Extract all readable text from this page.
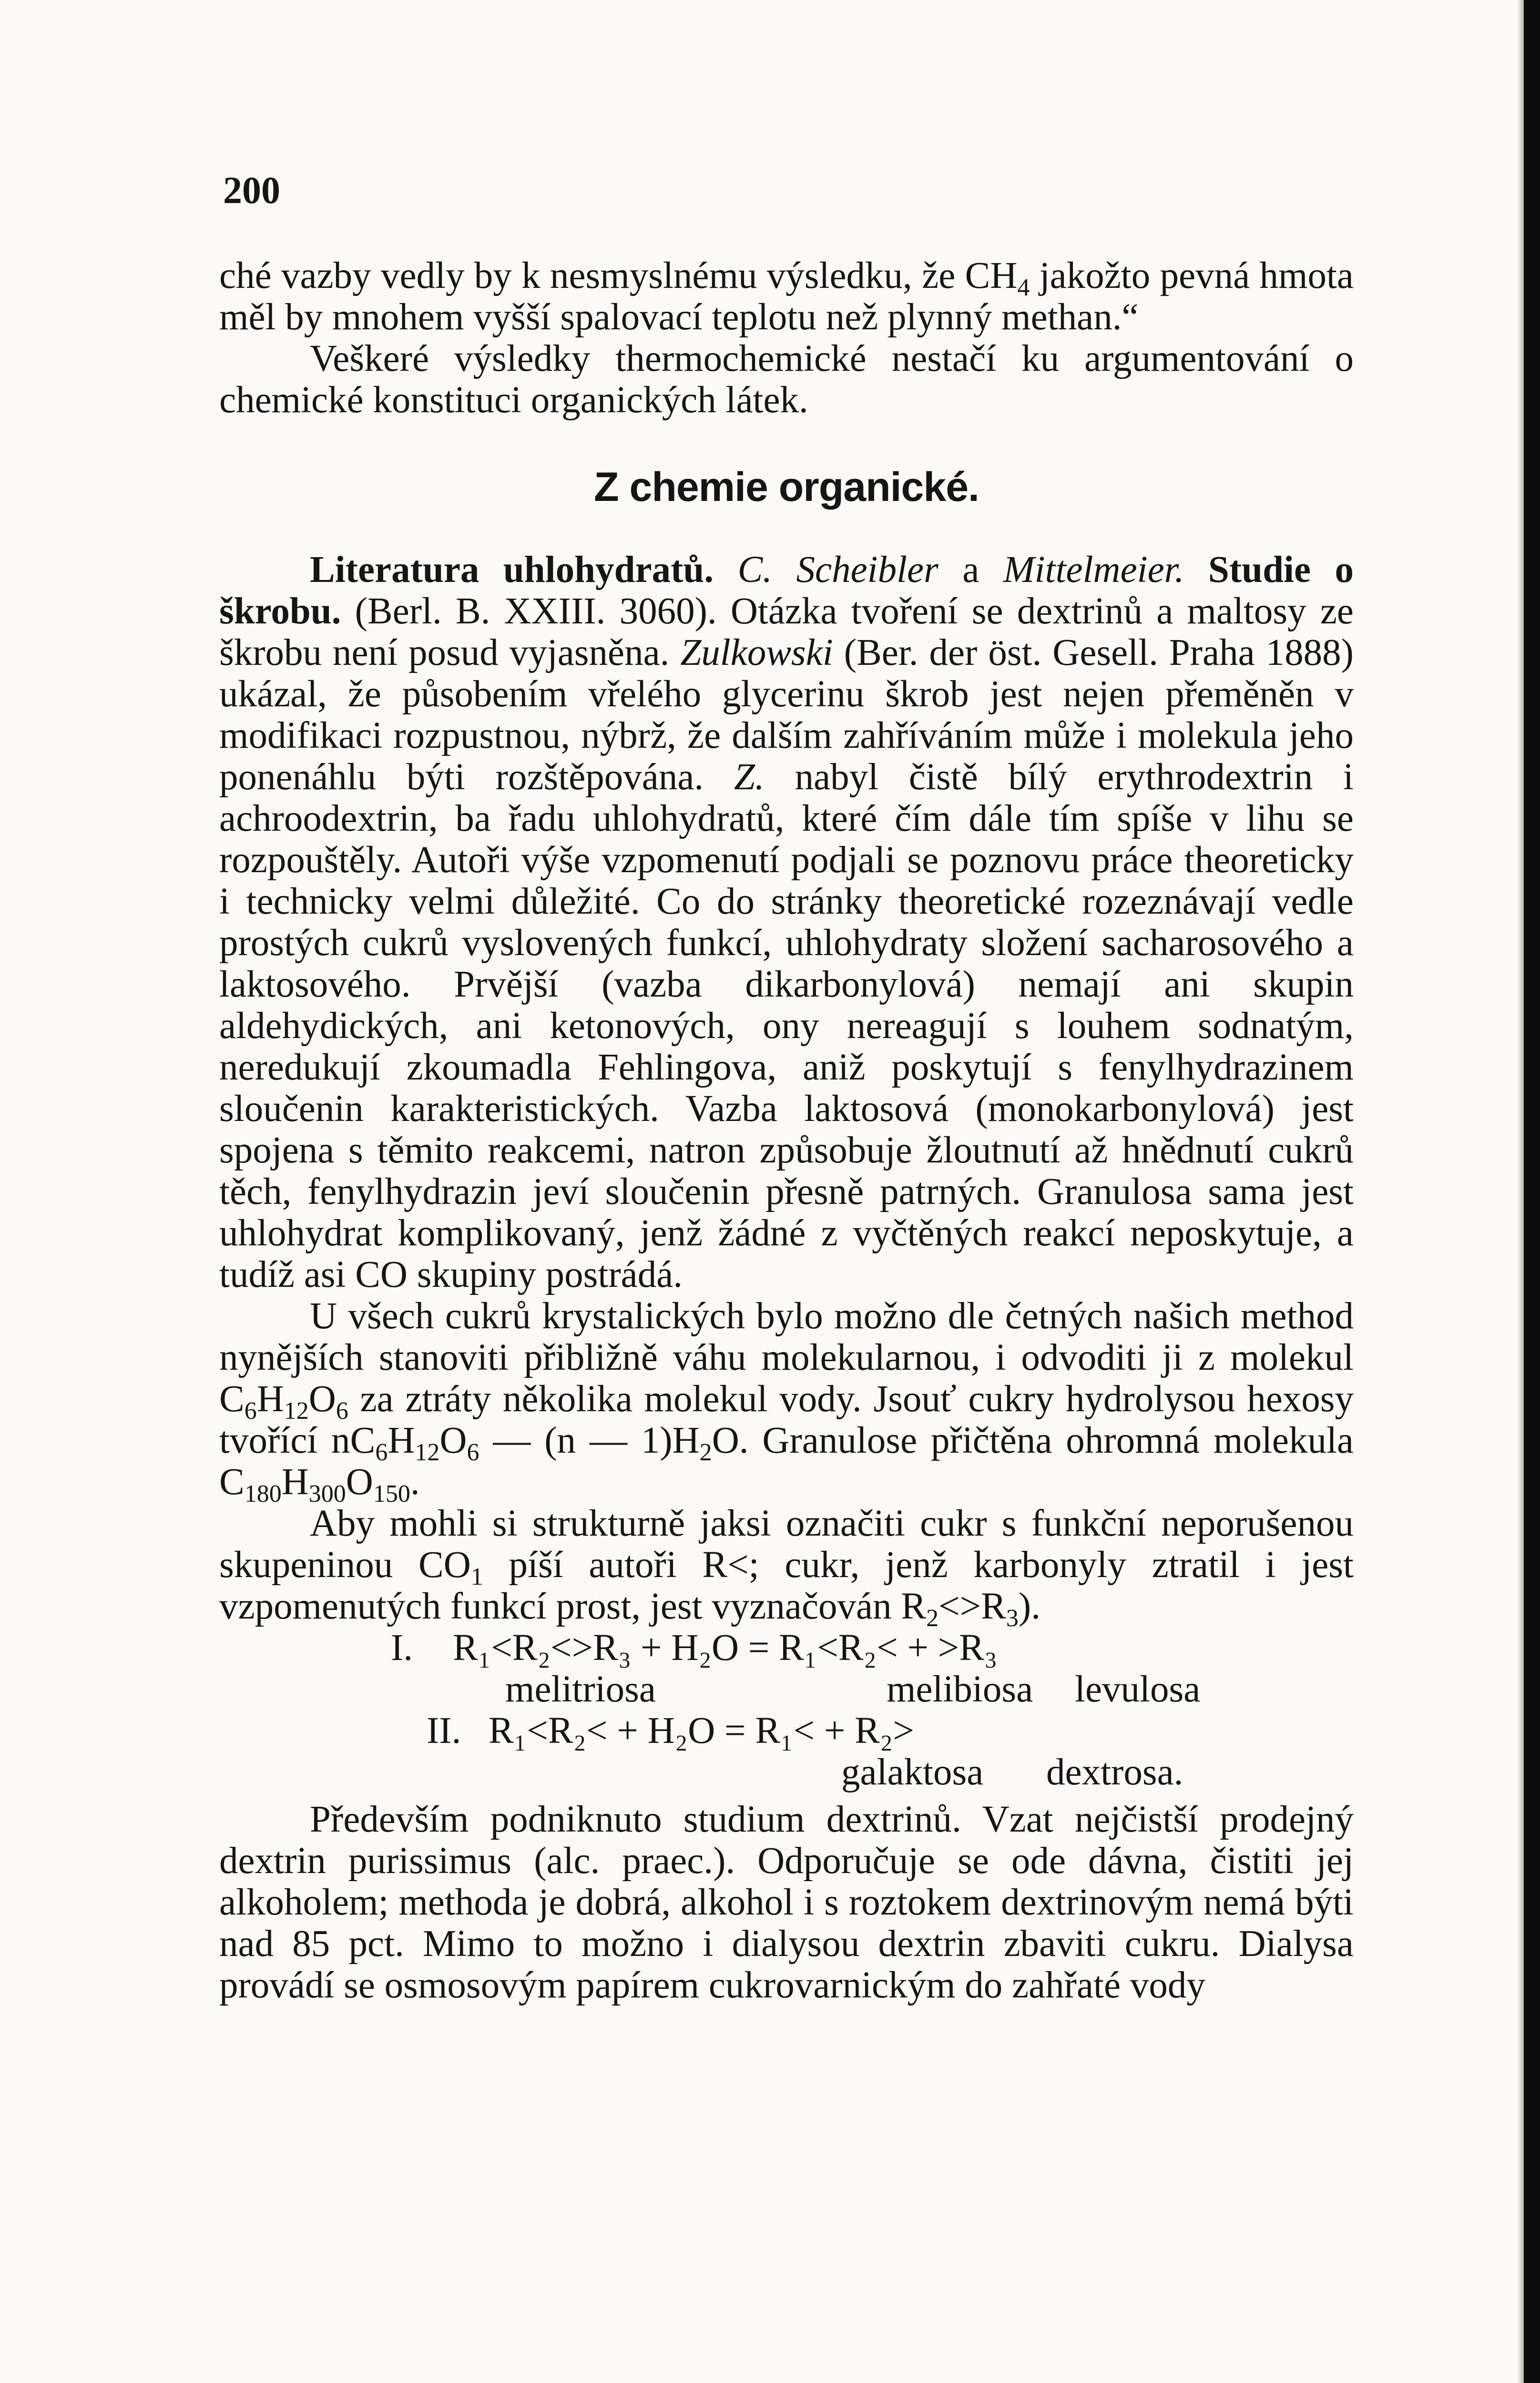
200

ché vazby vedly by k nesmyslnému výsledku, že $CH_4$ jakožto pevná hmota měl by mnohem vyšší spalovací teplotu než plynný methan.“

Veškeré výsledky thermochemické nestačí ku argumentování o chemické konstituci organických látek.

Z chemie organické.

Literatura uhlohydratů. C. Scheibler a Mittelmeier. Studie o škrobu. (Berl. B. XXIII. 3060). Otázka tvoření se dextrinů a maltosy ze škrobu není posud vyjasněna. Zulkowski (Ber. der öst. Gesell. Praha 1888) ukázal, že působením vřelého glycerinu škrob jest nejen přeměněn v modifikaci rozpustnou, nýbrž, že dalším zahříváním může i molekula jeho ponenáhlu býti rozštěpována. Z. nabyl čistě bílý erythrodextrin i achroodextrin, ba řadu uhlohydratů, které čím dále tím spíše v lihu se rozpouštěly. Autoři výše vzpomenutí podjali se poznovu práce theoreticky i technicky velmi důležité. Co do stránky theoretické rozeznávají vedle prostých cukrů vyslovených funkcí, uhlohydraty složení sacharosového a laktosového. Prvější (vazba dikarbonylová) nemají ani skupin aldehydických, ani ketonových, ony nereagují s louhem sodnatým, neredukují zkoumadla Fehlingova, aniž poskytují s fenylhydrazinem sloučenin karakteristických. Vazba laktosová (monokarbonylová) jest spojena s těmito reakcemi, natron způsobuje žloutnutí až hnědnutí cukrů těch, fenylhydrazin jeví sloučenin přesně patrných. Granulosa sama jest uhlohydrat komplikovaný, jenž žádné z vyčtěných reakcí neposkytuje, a tudíž asi CO skupiny postrádá.

U všech cukrů krystalických bylo možno dle četných našich method nynějších stanoviti přibližně váhu molekularnou, i odvoditi ji z molekul $C_6H_{12}O_6$ za ztráty několika molekul vody. Jsouť cukry hydrolysou hexosy tvořící $nC_6H_{12}O_6$ — (n — $1)H_2O$. Granulose přičtěna ohromná molekula $C_{180}H_{300}O_{150}$.

Aby mohli si strukturně jaksi označiti cukr s funkční neporušenou skupeninou $CO_1$ píší autoři R<; cukr, jenž karbonyly ztratil i jest vzpomenutých funkcí prost, jest vyznačován $R_2<>R_3$).

I. R₁<R₂<>R₃ + H₂O = R₁<R₂< + >R₃
melitriosa	melibiosa levulosa
II. R₁<R₂< + H₂O = R₁< + R₂>
galaktosa dextrosa.

Především podniknuto studium dextrinů. Vzat nejčistší prodejný dextrin purissimus (alc. praec.). Odporučuje se ode dávna, čistiti jej alkoholem; methoda je dobrá, alkohol i s roztokem dextrinovým nemá býti nad 85 pct. Mimo to možno i dialysou dextrin zbaviti cukru. Dialysa provádí se osmosovým papírem cukrovarnickým do zahřaté vody
